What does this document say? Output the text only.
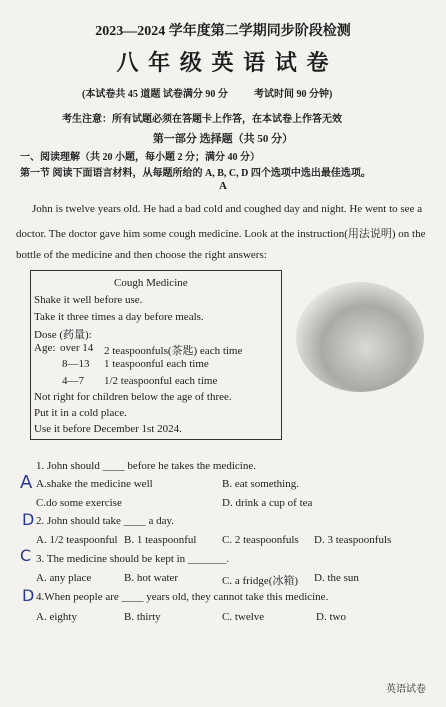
2023—2024 学年度第二学期同步阶段检测
八 年 级 英 语 试 卷
(本试卷共 45 道题 试卷满分 90 分	考试时间 90 分钟)
考生注意：所有试题必须在答题卡上作答，在本试卷上作答无效
第一部分 选择题（共 50 分）
一、阅读理解（共 20 小题，每小题 2 分；满分 40 分）
第一节 阅读下面语言材料，从每题所给的 A, B, C, D 四个选项中选出最佳选项。
A
John is twelve years old. He had a bad cold and coughed day and night. He went to see a
doctor. The doctor gave him some cough medicine. Look at the instruction(用法说明) on the
bottle of the medicine and then choose the right answers:
Cough Medicine
Shake it well before use.
Take it three times a day before meals.
Dose (药量):
Age: over 14 2 teaspoonfuls(茶匙) each time
8—13 1 teaspoonful each time
4—7 1/2 teaspoonful each time
Not right for children below the age of three.
Put it in a cold place.
Use it before December 1st 2024.
1. John should ____ before he takes the medicine.
A.shake the medicine well	B. eat something.
C.do some exercise	D. drink a cup of tea
2. John should take ____ a day.
A. 1/2 teaspoonful B. 1 teaspoonful C. 2 teaspoonfuls D. 3 teaspoonfuls
3. The medicine should be kept in _______.
A. any place	B. hot water	C. a fridge(冰箱) D. the sun
4.When people are ____ years old, they cannot take this medicine.
A. eighty	B. thirty	C. twelve	D. two
A
D
C
D
英语试卷
